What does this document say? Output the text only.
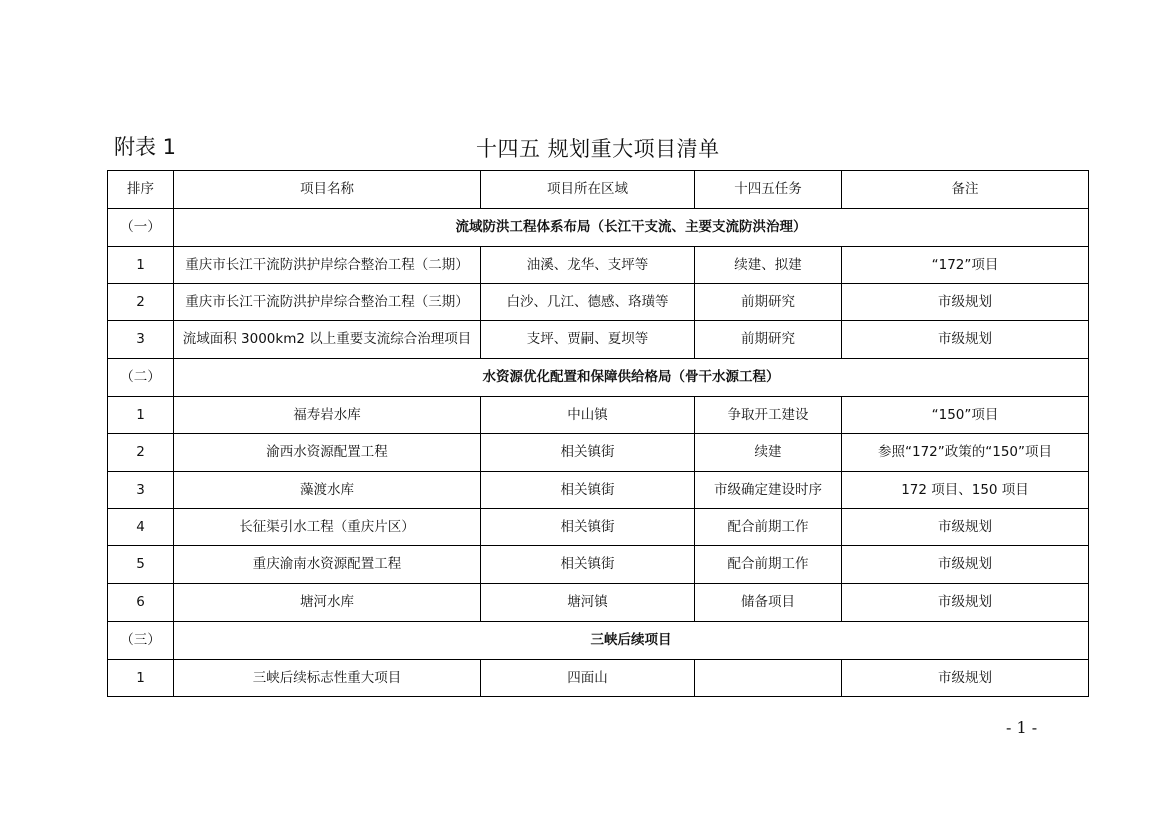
附表 1	十四五 规划重大项目清单
排序	项目名称	项目所在区域	十四五任务	备注
（一）	流域防洪工程体系布局（长江干支流、主要支流防洪治理）			
1	重庆市长江干流防洪护岸综合整治工程（二期）	油溪、龙华、支坪等	续建、拟建	“172”项目
2	重庆市长江干流防洪护岸综合整治工程（三期）	白沙、几江、德感、珞璜等	前期研究	市级规划
3	流域面积 3000km2 以上重要支流综合治理项目	支坪、贾嗣、夏坝等	前期研究	市级规划
（二）	水资源优化配置和保障供给格局（骨干水源工程）			
1	福寿岩水库	中山镇	争取开工建设	“150”项目
2	渝西水资源配置工程	相关镇街	续建	参照“172”政策的“150”项目
3	藻渡水库	相关镇街	市级确定建设时序	172 项目、150 项目
4	长征渠引水工程（重庆片区）	相关镇街	配合前期工作	市级规划
5	重庆渝南水资源配置工程	相关镇街	配合前期工作	市级规划
6	塘河水库	塘河镇	储备项目	市级规划
（三）	三峡后续项目			
1	三峡后续标志性重大项目	四面山		市级规划
- 1 -
